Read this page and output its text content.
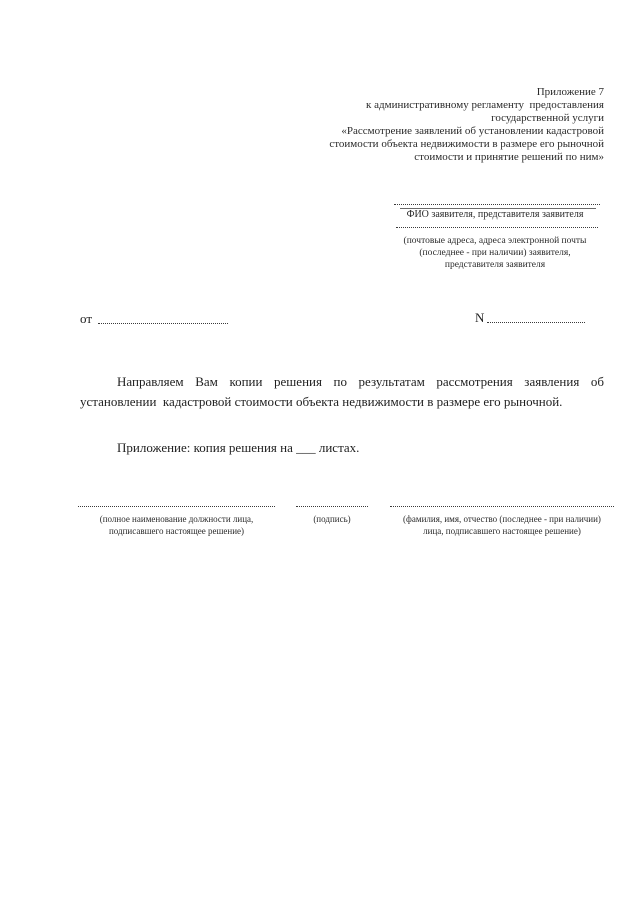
Приложение 7
к административному регламенту  предоставления
государственной услуги
«Рассмотрение заявлений об установлении кадастровой
стоимости объекта недвижимости в размере его рыночной
стоимости и принятие решений по ним»
ФИО заявителя, представителя заявителя
(почтовые адреса, адреса электронной почты
(последнее - при наличии) заявителя,
представителя заявителя
от	N
Направляем Вам копии решения по результатам рассмотрения заявления об
установлении  кадастровой стоимости объекта недвижимости в размере его рыночной.
Приложение: копия решения на ___ листах.
(полное наименование должности лица,
подписавшего настоящее решение)
(подпись)	(фамилия, имя, отчество (последнее - при наличии)
лица, подписавшего настоящее решение)
